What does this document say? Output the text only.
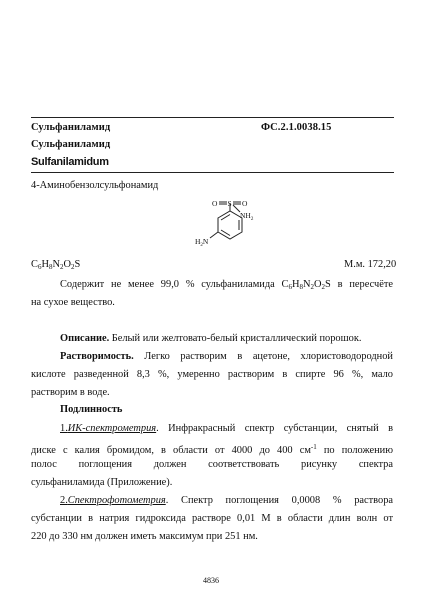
Сульфаниламид	ФС.2.1.0038.15
Сульфаниламид
Sulfanilamidum
4-Аминобензолсульфонамид
S
O	O
$NH_2$
$H_2N$
$C_6H_8N_2O_2S$	М.м. 172,20
Содержит не менее 99,0 % сульфаниламида $C_6H_8N_2O_2S$ в пересчёте
на сухое вещество.
Описание. Белый или желтовато-белый кристаллический порошок.
Растворимость. Легко растворим в ацетоне, хлористоводородной
кислоте разведенной 8,3 %, умеренно растворим в спирте 96 %, мало
растворим в воде.
Подлинность
1.ИК-спектрометрия. Инфракрасный спектр субстанции, снятый в
диске с калия бромидом, в области от 4000 до 400 $см^{-1}$ по положению
полос поглощения должен соответствовать рисунку спектра
сульфаниламида (Приложение).
2.Спектрофотометрия. Спектр поглощения 0,0008 % раствора
субстанции в натрия гидроксида растворе 0,01 М в области длин волн от
220 до 330 нм должен иметь максимум при 251 нм.
4836
